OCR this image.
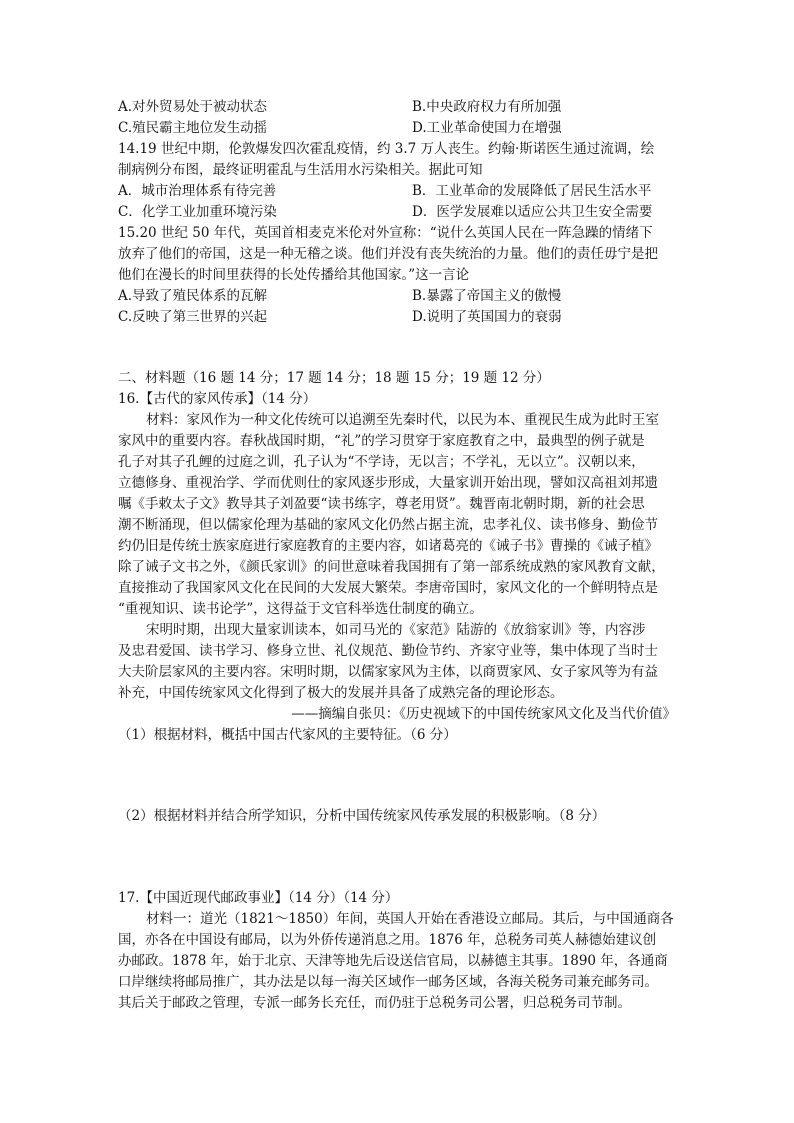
A.对外贸易处于被动状态	B.中央政府权力有所加强
C.殖民霸主地位发生动摇	D.工业革命使国力在增强
14.19 世纪中期，伦敦爆发四次霍乱疫情，约 3.7 万人丧生。约翰·斯诺医生通过流调，绘
制病例分布图，最终证明霍乱与生活用水污染相关。据此可知
A．城市治理体系有待完善	B．工业革命的发展降低了居民生活水平
C．化学工业加重环境污染	D．医学发展难以适应公共卫生安全需要
15.20 世纪 50 年代，英国首相麦克米伦对外宣称：“说什么英国人民在一阵急躁的情绪下
放弃了他们的帝国，这是一种无稽之谈。他们并没有丧失统治的力量。他们的责任毋宁是把
他们在漫长的时间里获得的长处传播给其他国家。”这一言论
A.导致了殖民体系的瓦解	B.暴露了帝国主义的傲慢
C.反映了第三世界的兴起	D.说明了英国国力的衰弱
二、材料题（16 题 14 分；17 题 14 分；18 题 15 分；19 题 12 分）
16.【古代的家风传承】（14 分）
材料：家风作为一种文化传统可以追溯至先秦时代，以民为本、重视民生成为此时王室
家风中的重要内容。春秋战国时期，“礼”的学习贯穿于家庭教育之中，最典型的例子就是
孔子对其子孔鲤的过庭之训，孔子认为“不学诗，无以言；不学礼，无以立”。汉朝以来，
立德修身、重视治学、学而优则仕的家风逐步形成，大量家训开始出现，譬如汉高祖刘邦遗
嘱《手敕太子文》教导其子刘盈要“读书练字，尊老用贤”。魏晋南北朝时期，新的社会思
潮不断涌现，但以儒家伦理为基础的家风文化仍然占据主流，忠孝礼仪、读书修身、勤俭节
约仍旧是传统士族家庭进行家庭教育的主要内容，如诸葛亮的《诫子书》曹操的《诫子植》
除了诫子文书之外，《颜氏家训》的问世意味着我国拥有了第一部系统成熟的家风教育文献，
直接推动了我国家风文化在民间的大发展大繁荣。李唐帝国时，家风文化的一个鲜明特点是
“重视知识、读书论学”，这得益于文官科举选仕制度的确立。
宋明时期，出现大量家训读本，如司马光的《家范》陆游的《放翁家训》等，内容涉
及忠君爱国、读书学习、修身立世、礼仪规范、勤俭节约、齐家守业等，集中体现了当时士
大夫阶层家风的主要内容。宋明时期，以儒家家风为主体，以商贾家风、女子家风等为有益
补充，中国传统家风文化得到了极大的发展并具备了成熟完备的理论形态。
——摘编自张贝：《历史视域下的中国传统家风文化及当代价值》
（1）根据材料，概括中国古代家风的主要特征。（6 分）
（2）根据材料并结合所学知识，分析中国传统家风传承发展的积极影响。（8 分）
17.【中国近现代邮政事业】（14 分）（14 分）
材料一：道光（1821～1850）年间，英国人开始在香港设立邮局。其后，与中国通商各
国，亦各在中国设有邮局，以为外侨传递消息之用。1876 年，总税务司英人赫德始建议创
办邮政。1878 年，始于北京、天津等地先后设送信官局，以赫德主其事。1890 年，各通商
口岸继续将邮局推广，其办法是以每一海关区域作一邮务区域，各海关税务司兼充邮务司。
其后关于邮政之管理，专派一邮务长充任，而仍驻于总税务司公署，归总税务司节制。
